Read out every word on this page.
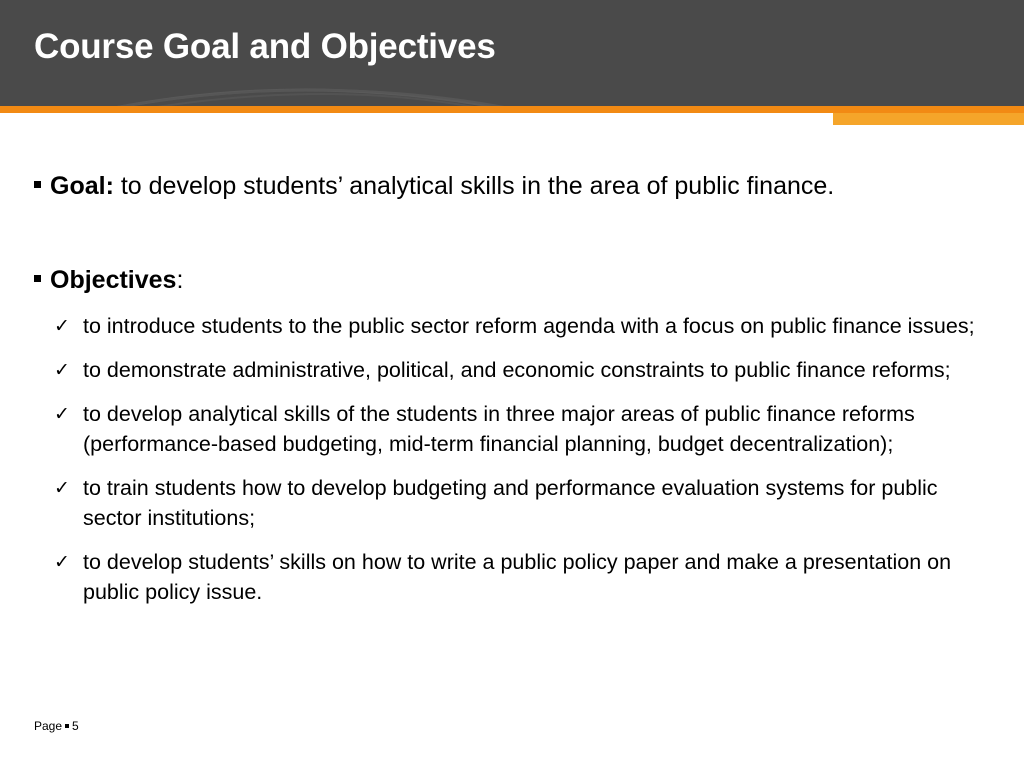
Course Goal and Objectives
Goal: to develop students’ analytical skills in the area of public finance.
Objectives:
✓ to introduce students to the public sector reform agenda with a focus on public finance issues;
✓ to demonstrate administrative, political, and economic constraints to public finance reforms;
✓ to develop analytical skills of the students in three major areas of public finance reforms (performance-based budgeting, mid-term financial planning, budget decentralization);
✓ to train students how to develop budgeting and performance evaluation systems for public sector institutions;
✓ to develop students’ skills on how to write a public policy paper and make a presentation on public policy issue.
Page 5
